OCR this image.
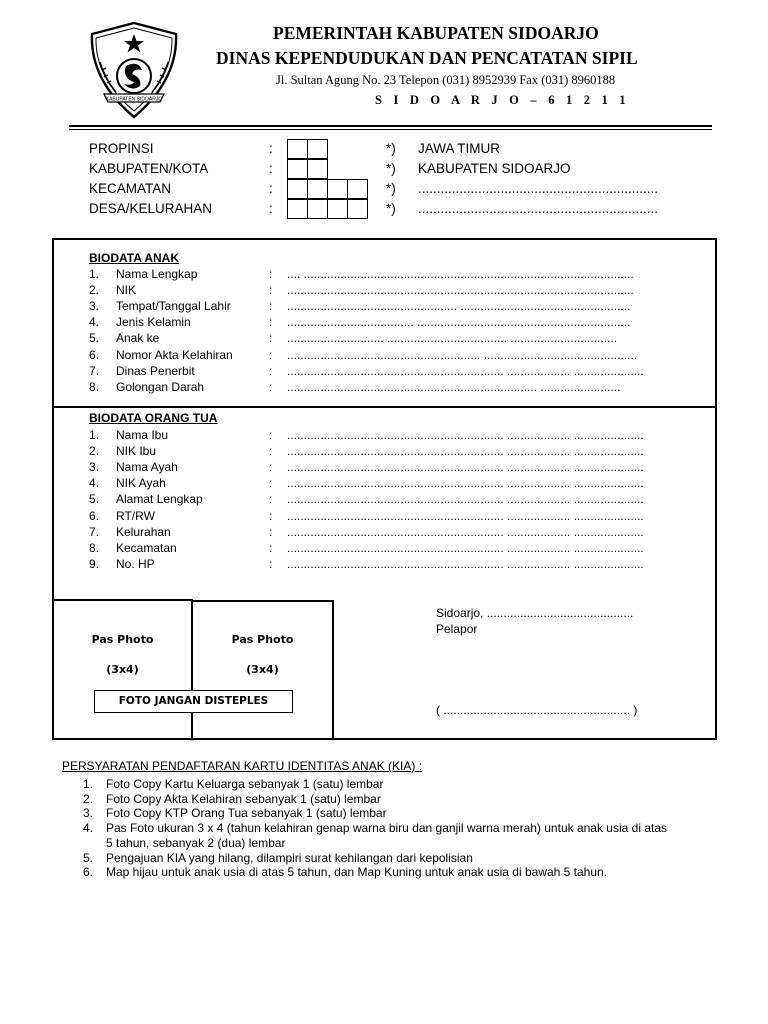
KABUPATEN SIDOARJO
PEMERINTAH KABUPATEN SIDOARJO
DINAS KEPENDUDUKAN DAN PENCATATAN SIPIL
Jl. Sultan Agung No. 23 Telepon (031) 8952939 Fax (031) 8960188
S I D O A R J O – 6 1 2 1 1
PROPINSI	:	*) JAWA TIMUR
KABUPATEN/KOTA	:	*) KABUPATEN SIDOARJO
KECAMATAN	:	*) ................................................................
DESA/KELURAHAN	:	*) ................................................................
BIODATA ANAK
1. Nama Lengkap	: .... ...................................................................................................
2. NIK	: ........................................................................................................
3. Tempat/Tanggal Lahir	: ................................................... ...................................................
4. Jenis Kelamin	: ...................................... ................................................................
5. Anak ke	: ............................. .................................... ................................
6. Nomor Akta Kelahiran	: .......................................................... ..............................................
7. Dinas Penerbit	: ................................................................. ................... .....................
8. Golongan Darah	: ........................................................................... ........................
BIODATA ORANG TUA
1. Nama Ibu	: ................................................................. ................... .....................
2. NIK Ibu	: ................................................................. ................... .....................
3. Nama Ayah	: ................................................................. ................... .....................
4. NIK Ayah	: ................................................................. ................... .....................
5. Alamat Lengkap	: ................................................................. ................... .....................
6. RT/RW	: ................................................................. ................... .....................
7. Kelurahan	: ................................................................. ................... .....................
8. Kecamatan	: ................................................................. ................... .....................
9. No. HP	: ................................................................. ................... .....................
Pas Photo
(3x4)
Pas Photo
(3x4)
FOTO JANGAN DISTEPLES
Sidoarjo, ............................................
Pelapor
( ........................................................ )
PERSYARATAN PENDAFTARAN KARTU IDENTITAS ANAK (KIA) :
1. Foto Copy Kartu Keluarga sebanyak 1 (satu) lembar
2. Foto Copy Akta Kelahiran sebanyak 1 (satu) lembar
3. Foto Copy KTP Orang Tua sebanyak 1 (satu) lembar
4. Pas Foto ukuran 3 x 4 (tahun kelahiran genap warna biru dan ganjil warna merah) untuk anak usia di atas
5 tahun, sebanyak 2 (dua) lembar
5. Pengajuan KIA yang hilang, dilampiri surat kehilangan dari kepolisian
6. Map hijau untuk anak usia di atas 5 tahun, dan Map Kuning untuk anak usia di bawah 5 tahun.
